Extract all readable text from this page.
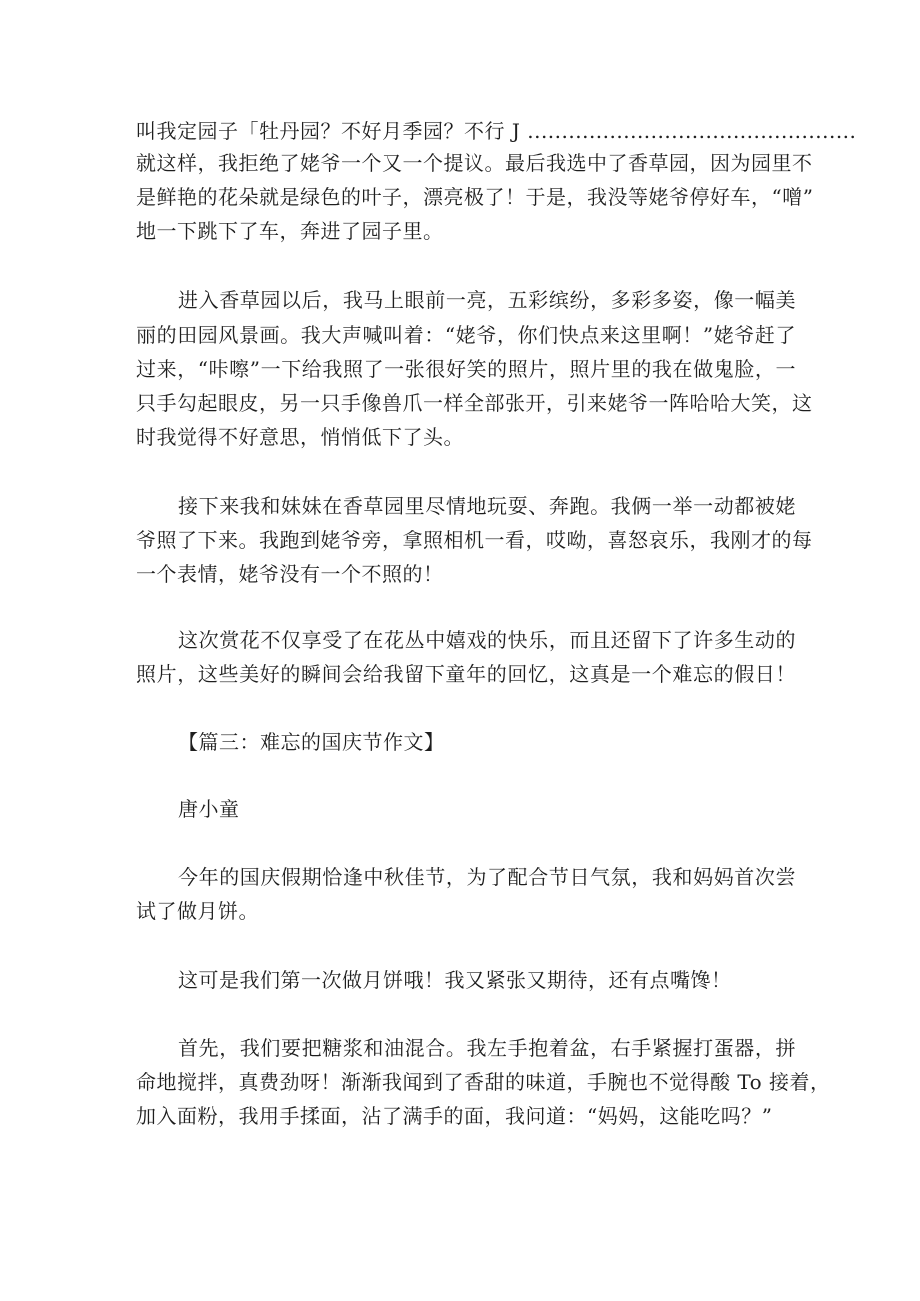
叫我定园子「牡丹园？不好月季园？不行 J ................................................
就这样，我拒绝了姥爷一个又一个提议。最后我选中了香草园，因为园里不
是鲜艳的花朵就是绿色的叶子，漂亮极了！于是，我没等姥爷停好车，“噌”
地一下跳下了车，奔进了园子里。
进入香草园以后，我马上眼前一亮，五彩缤纷，多彩多姿，像一幅美
丽的田园风景画。我大声喊叫着：“姥爷，你们快点来这里啊！”姥爷赶了
过来，“咔嚓”一下给我照了一张很好笑的照片，照片里的我在做鬼脸，一
只手勾起眼皮，另一只手像兽爪一样全部张开，引来姥爷一阵哈哈大笑，这
时我觉得不好意思，悄悄低下了头。
接下来我和妹妹在香草园里尽情地玩耍、奔跑。我俩一举一动都被姥
爷照了下来。我跑到姥爷旁，拿照相机一看，哎呦，喜怒哀乐，我刚才的每
一个表情，姥爷没有一个不照的！
这次赏花不仅享受了在花丛中嬉戏的快乐，而且还留下了许多生动的
照片，这些美好的瞬间会给我留下童年的回忆，这真是一个难忘的假日！
【篇三：难忘的国庆节作文】
唐小童
今年的国庆假期恰逢中秋佳节，为了配合节日气氛，我和妈妈首次尝
试了做月饼。
这可是我们第一次做月饼哦！我又紧张又期待，还有点嘴馋！
首先，我们要把糖浆和油混合。我左手抱着盆，右手紧握打蛋器，拼
命地搅拌，真费劲呀！渐渐我闻到了香甜的味道，手腕也不觉得酸 To 接着，
加入面粉，我用手揉面，沾了满手的面，我问道：“妈妈，这能吃吗？”
